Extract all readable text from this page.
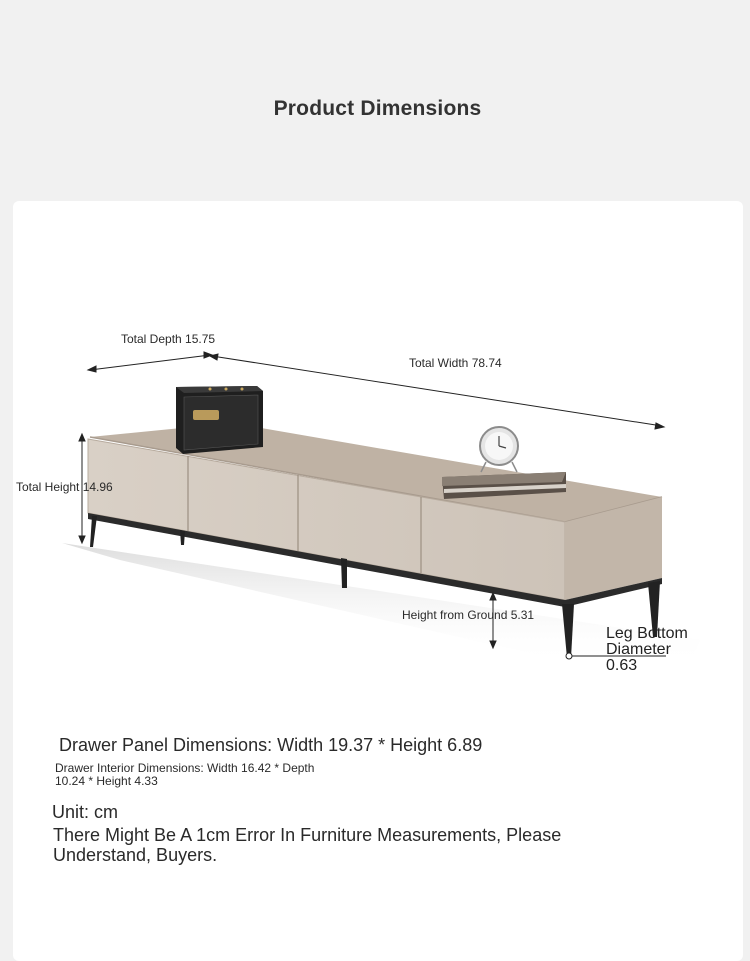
Product Dimensions
Total Depth 15.75
Total Width 78.74
Total Height 14.96
Height from Ground 5.31
Leg Bottom Diameter 0.63
Drawer Panel Dimensions: Width 19.37 * Height 6.89
Drawer Interior Dimensions: Width 16.42 * Depth 10.24 * Height 4.33
Unit: cm
There Might Be A 1cm Error In Furniture Measurements, Please Understand, Buyers.
